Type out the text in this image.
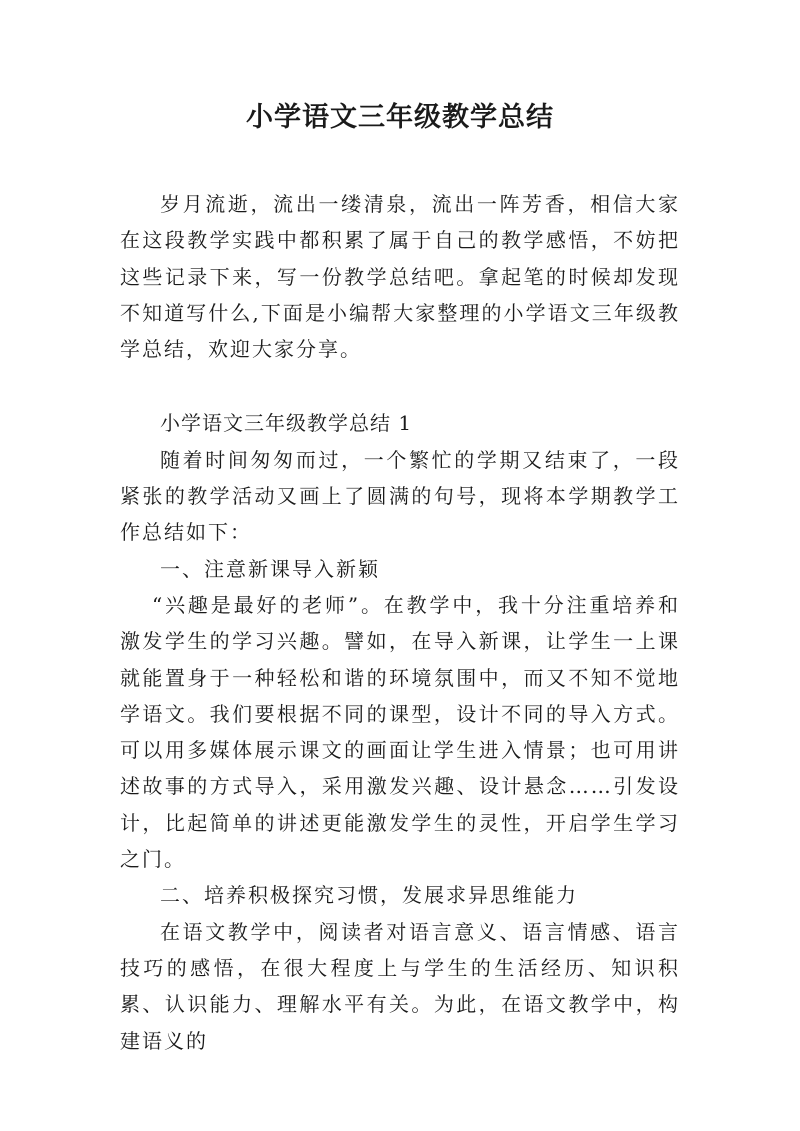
小学语文三年级教学总结

岁月流逝，流出一缕清泉，流出一阵芳香，相信大家在这段教学实践中都积累了属于自己的教学感悟，不妨把这些记录下来，写一份教学总结吧。拿起笔的时候却发现不知道写什么,下面是小编帮大家整理的小学语文三年级教学总结，欢迎大家分享。

小学语文三年级教学总结 1

随着时间匆匆而过，一个繁忙的学期又结束了，一段紧张的教学活动又画上了圆满的句号，现将本学期教学工作总结如下：

一、注意新课导入新颖

“兴趣是最好的老师”。在教学中，我十分注重培养和激发学生的学习兴趣。譬如，在导入新课，让学生一上课就能置身于一种轻松和谐的环境氛围中，而又不知不觉地学语文。我们要根据不同的课型，设计不同的导入方式。可以用多媒体展示课文的画面让学生进入情景；也可用讲述故事的方式导入，采用激发兴趣、设计悬念……引发设计，比起简单的讲述更能激发学生的灵性，开启学生学习之门。

二、培养积极探究习惯，发展求异思维能力

在语文教学中，阅读者对语言意义、语言情感、语言技巧的感悟，在很大程度上与学生的生活经历、知识积累、认识能力、理解水平有关。为此，在语文教学中，构建语义的
